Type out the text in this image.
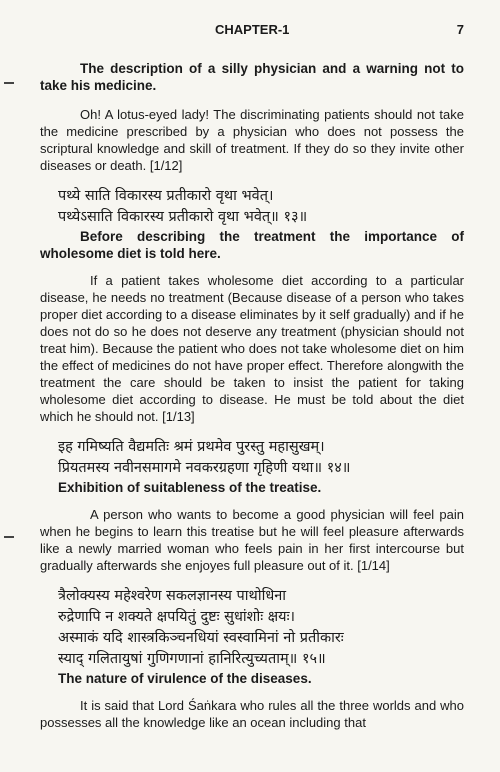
CHAPTER-1	7

The description of a silly physician and a warning not to take his medicine.

Oh! A lotus-eyed lady! The discriminating patients should not take the medicine prescribed by a physician who does not possess the scriptural knowledge and skill of treatment. If they do so they invite other diseases or death. [1/12]

पथ्ये साति विकारस्य प्रतीकारो वृथा भवेत्।
पथ्येऽसाति विकारस्य प्रतीकारो वृथा भवेत्॥ १३॥

Before describing the treatment the importance of wholesome diet is told here.

If a patient takes wholesome diet according to a particular disease, he needs no treatment (Because disease of a person who takes proper diet according to a disease eliminates by it self gradually) and if he does not do so he does not deserve any treatment (physician should not treat him). Because the patient who does not take wholesome diet on him the effect of medicines do not have proper effect. Therefore alongwith the treatment the care should be taken to insist the patient for taking wholesome diet according to disease. He must be told about the diet which he should not. [1/13]

इह गमिष्यति वैद्यमतिः श्रमं प्रथमेव पुरस्तु महासुखम्।
प्रियतमस्य नवीनसमागमे नवकरग्रहणा गृहिणी यथा॥ १४॥

Exhibition of suitableness of the treatise.

A person who wants to become a good physician will feel pain when he begins to learn this treatise but he will feel pleasure afterwards like a newly married woman who feels pain in her first intercourse but gradually afterwards she enjoyes full pleasure out of it. [1/14]

त्रैलोक्यस्य महेश्वरेण सकलज्ञानस्य पाथोधिना
रुद्रेणापि न शक्यते क्षपयितुं दुष्टः सुधांशोः क्षयः।
अस्माकं यदि शास्त्रकिञ्चनधियां स्वस्वामिनां नो प्रतीकारः
स्याद् गलितायुषां गुणिगणानां हानिरित्युच्यताम्॥ १५॥

The nature of virulence of the diseases.

It is said that Lord Śaṅkara who rules all the three worlds and who possesses all the knowledge like an ocean including that
